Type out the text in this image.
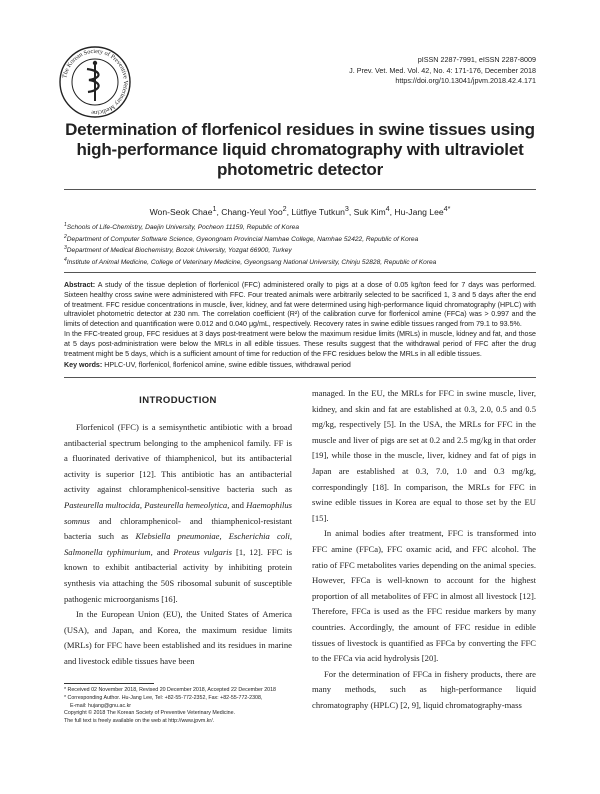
The Korean Society of Preventive Veterinary Medicine
pISSN 2287-7991, eISSN 2287-8009
J. Prev. Vet. Med. Vol. 42, No. 4: 171-176, December 2018
https://doi.org/10.13041/jpvm.2018.42.4.171
Determination of florfenicol residues in swine tissues using
high-performance liquid chromatography with ultraviolet
photometric detector
Won-Seok Chae$^1$, Chang-Yeul Yoo$^2$, Lütfiye Tutkun$^3$, Suk Kim$^4$, Hu-Jang Lee$^{4*}$
$^1$Schools of Life-Chemistry, Daejin University, Pocheon 11159, Republic of Korea
$^2$Department of Computer Software Science, Gyeongnam Provincial Namhae College, Namhae 52422, Republic of Korea
$^3$Department of Medical Biochemistry, Bozok University, Yozgat 66900, Turkey
$^4$Institute of Animal Medicine, College of Veterinary Medicine, Gyeongsang National University, Chinju 52828, Republic of Korea

Abstract: A study of the tissue depletion of florfenicol (FFC) administered orally to pigs at a dose of 0.05 kg/ton feed for 7 days was performed. Sixteen healthy cross swine were administered with FFC. Four treated animals were arbitrarily selected to be sacrificed 1, 3 and 5 days after the end of treatment. FFC residue concentrations in muscle, liver, kidney, and fat were determined using high-performance liquid chromatography (HPLC) with ultraviolet photometric detector at 230 nm. The correlation coefficient (R²) of the calibration curve for florfenicol amine (FFCa) was > 0.997 and the limits of detection and quantification were 0.012 and 0.040 μg/mL, respectively. Recovery rates in swine edible tissues ranged from 79.1 to 93.5%.

In the FFC-treated group, FFC residues at 3 days post-treatment were below the maximum residue limits (MRLs) in muscle, kidney and fat, and those at 5 days post-administration were below the MRLs in all edible tissues. These results suggest that the withdrawal period of FFC after the drug treatment might be 5 days, which is a sufficient amount of time for reduction of the FFC residues below the MRLs in all edible tissues.

Key words: HPLC-UV, florfenicol, florfenicol amine, swine edible tissues, withdrawal period
INTRODUCTION

Florfenicol (FFC) is a semisynthetic antibiotic with a broad antibacterial spectrum belonging to the amphenicol family. FF is a fluorinated derivative of thiamphenicol, but its antibacterial activity is superior [12]. This antibiotic has an antibacterial activity against chloramphenicol-sensitive bacteria such as Pasteurella multocida, Pasteurella hemeolytica, and Haemophilus somnus and chloramphenicol- and thiamphenicol-resistant bacteria such as Klebsiella pneumoniae, Escherichia coli, Salmonella typhimurium, and Proteus vulgaris [1, 12]. FFC is known to exhibit antibacterial activity by inhibiting protein synthesis via attaching the 50S ribosomal subunit of susceptible pathogenic microorganisms [16].

In the European Union (EU), the United States of America (USA), and Japan, and Korea, the maximum residue limits (MRLs) for FFC have been established and its residues in marine and livestock edible tissues have been

managed. In the EU, the MRLs for FFC in swine muscle, liver, kidney, and skin and fat are established at 0.3, 2.0, 0.5 and 0.5 mg/kg, respectively [5]. In the USA, the MRLs for FFC in the muscle and liver of pigs are set at 0.2 and 2.5 mg/kg in that order [19], while those in the muscle, liver, kidney and fat of pigs in Japan are established at 0.3, 7.0, 1.0 and 0.3 mg/kg, correspondingly [18]. In comparison, the MRLs for FFC in swine edible tissues in Korea are equal to those set by the EU [15].

In animal bodies after treatment, FFC is transformed into FFC amine (FFCa), FFC oxamic acid, and FFC alcohol. The ratio of FFC metabolites varies depending on the animal species. However, FFCa is well-known to account for the highest proportion of all metabolites of FFC in almost all livestock [12]. Therefore, FFCa is used as the FFC residue markers by many countries. Accordingly, the amount of FFC residue in edible tissues of livestock is quantified as FFCa by converting the FFC to the FFCa via acid hydrolysis [20].

For the determination of FFCa in fishery products, there are many methods, such as high-performance liquid chromatography (HPLC) [2, 9], liquid chromatography-mass

* Received 02 November 2018, Revised 20 December 2018, Accepted 22 December 2018
* Corresponding Author. Hu-Jang Lee, Tel: +82-55-772-2352, Fax: +82-55-772-2308,
E-mail: hujang@gnu.ac.kr
Copyright © 2018 The Korean Society of Preventive Veterinary Medicine.
The full text is freely available on the web at http://www.jpvm.kr/.
